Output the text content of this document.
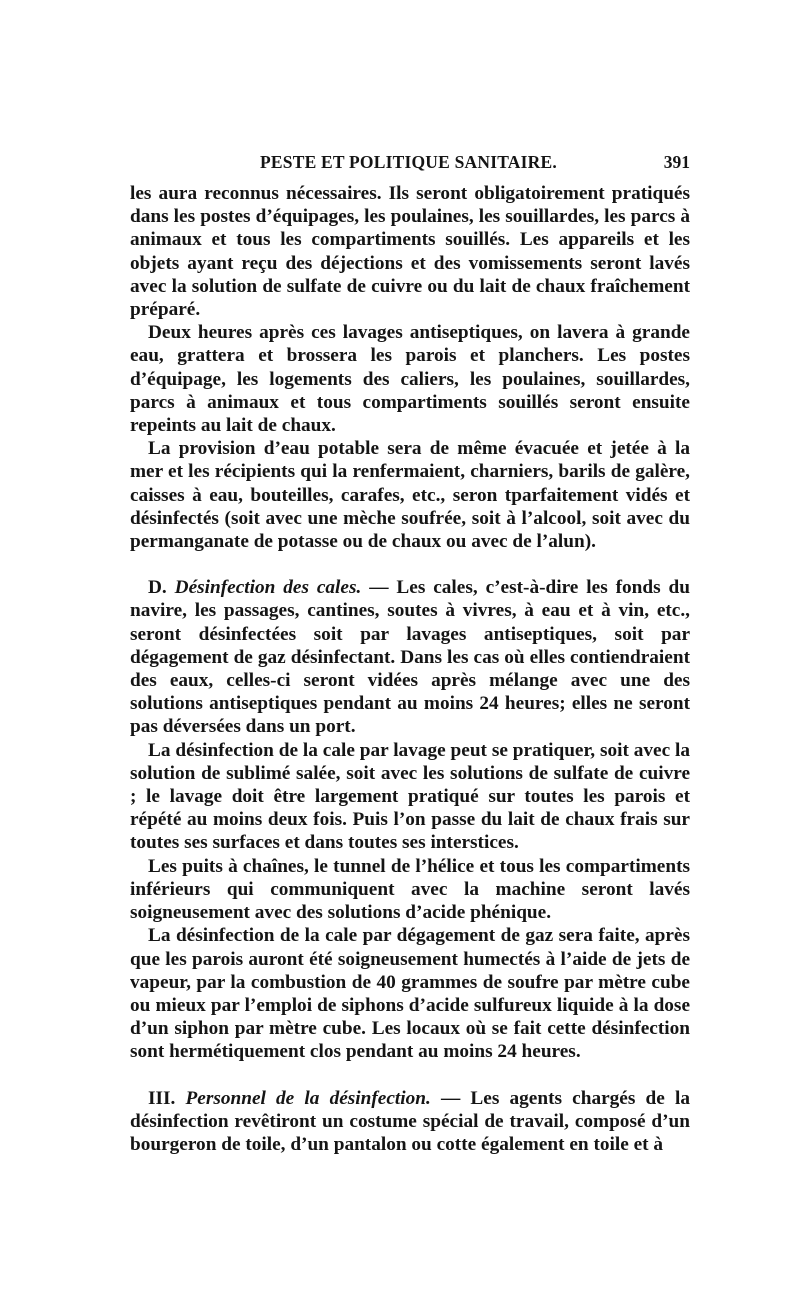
PESTE ET POLITIQUE SANITAIRE.	391

les aura reconnus nécessaires. Ils seront obligatoirement pratiqués dans les postes d’équipages, les poulaines, les souillardes, les parcs à animaux et tous les compartiments souillés. Les appareils et les objets ayant reçu des déjections et des vomissements seront lavés avec la solution de sulfate de cuivre ou du lait de chaux fraîchement préparé.

Deux heures après ces lavages antiseptiques, on lavera à grande eau, grattera et brossera les parois et planchers. Les postes d’équipage, les logements des caliers, les poulaines, souillardes, parcs à animaux et tous compartiments souillés seront ensuite repeints au lait de chaux.

La provision d’eau potable sera de même évacuée et jetée à la mer et les récipients qui la renfermaient, charniers, barils de galère, caisses à eau, bouteilles, carafes, etc., seron tparfaitement vidés et désinfectés (soit avec une mèche soufrée, soit à l’alcool, soit avec du permanganate de potasse ou de chaux ou avec de l’alun).

D. Désinfection des cales. — Les cales, c’est-à-dire les fonds du navire, les passages, cantines, soutes à vivres, à eau et à vin, etc., seront désinfectées soit par lavages antiseptiques, soit par dégagement de gaz désinfectant. Dans les cas où elles contiendraient des eaux, celles-ci seront vidées après mélange avec une des solutions antiseptiques pendant au moins 24 heures; elles ne seront pas déversées dans un port.

La désinfection de la cale par lavage peut se pratiquer, soit avec la solution de sublimé salée, soit avec les solutions de sulfate de cuivre ; le lavage doit être largement pratiqué sur toutes les parois et répété au moins deux fois. Puis l’on passe du lait de chaux frais sur toutes ses surfaces et dans toutes ses interstices.

Les puits à chaînes, le tunnel de l’hélice et tous les compartiments inférieurs qui communiquent avec la machine seront lavés soigneusement avec des solutions d’acide phénique.

La désinfection de la cale par dégagement de gaz sera faite, après que les parois auront été soigneusement humectés à l’aide de jets de vapeur, par la combustion de 40 grammes de soufre par mètre cube ou mieux par l’emploi de siphons d’acide sulfureux liquide à la dose d’un siphon par mètre cube. Les locaux où se fait cette désinfection sont hermétiquement clos pendant au moins 24 heures.

III. Personnel de la désinfection. — Les agents chargés de la désinfection revêtiront un costume spécial de travail, composé d’un bourgeron de toile, d’un pantalon ou cotte également en toile et à
